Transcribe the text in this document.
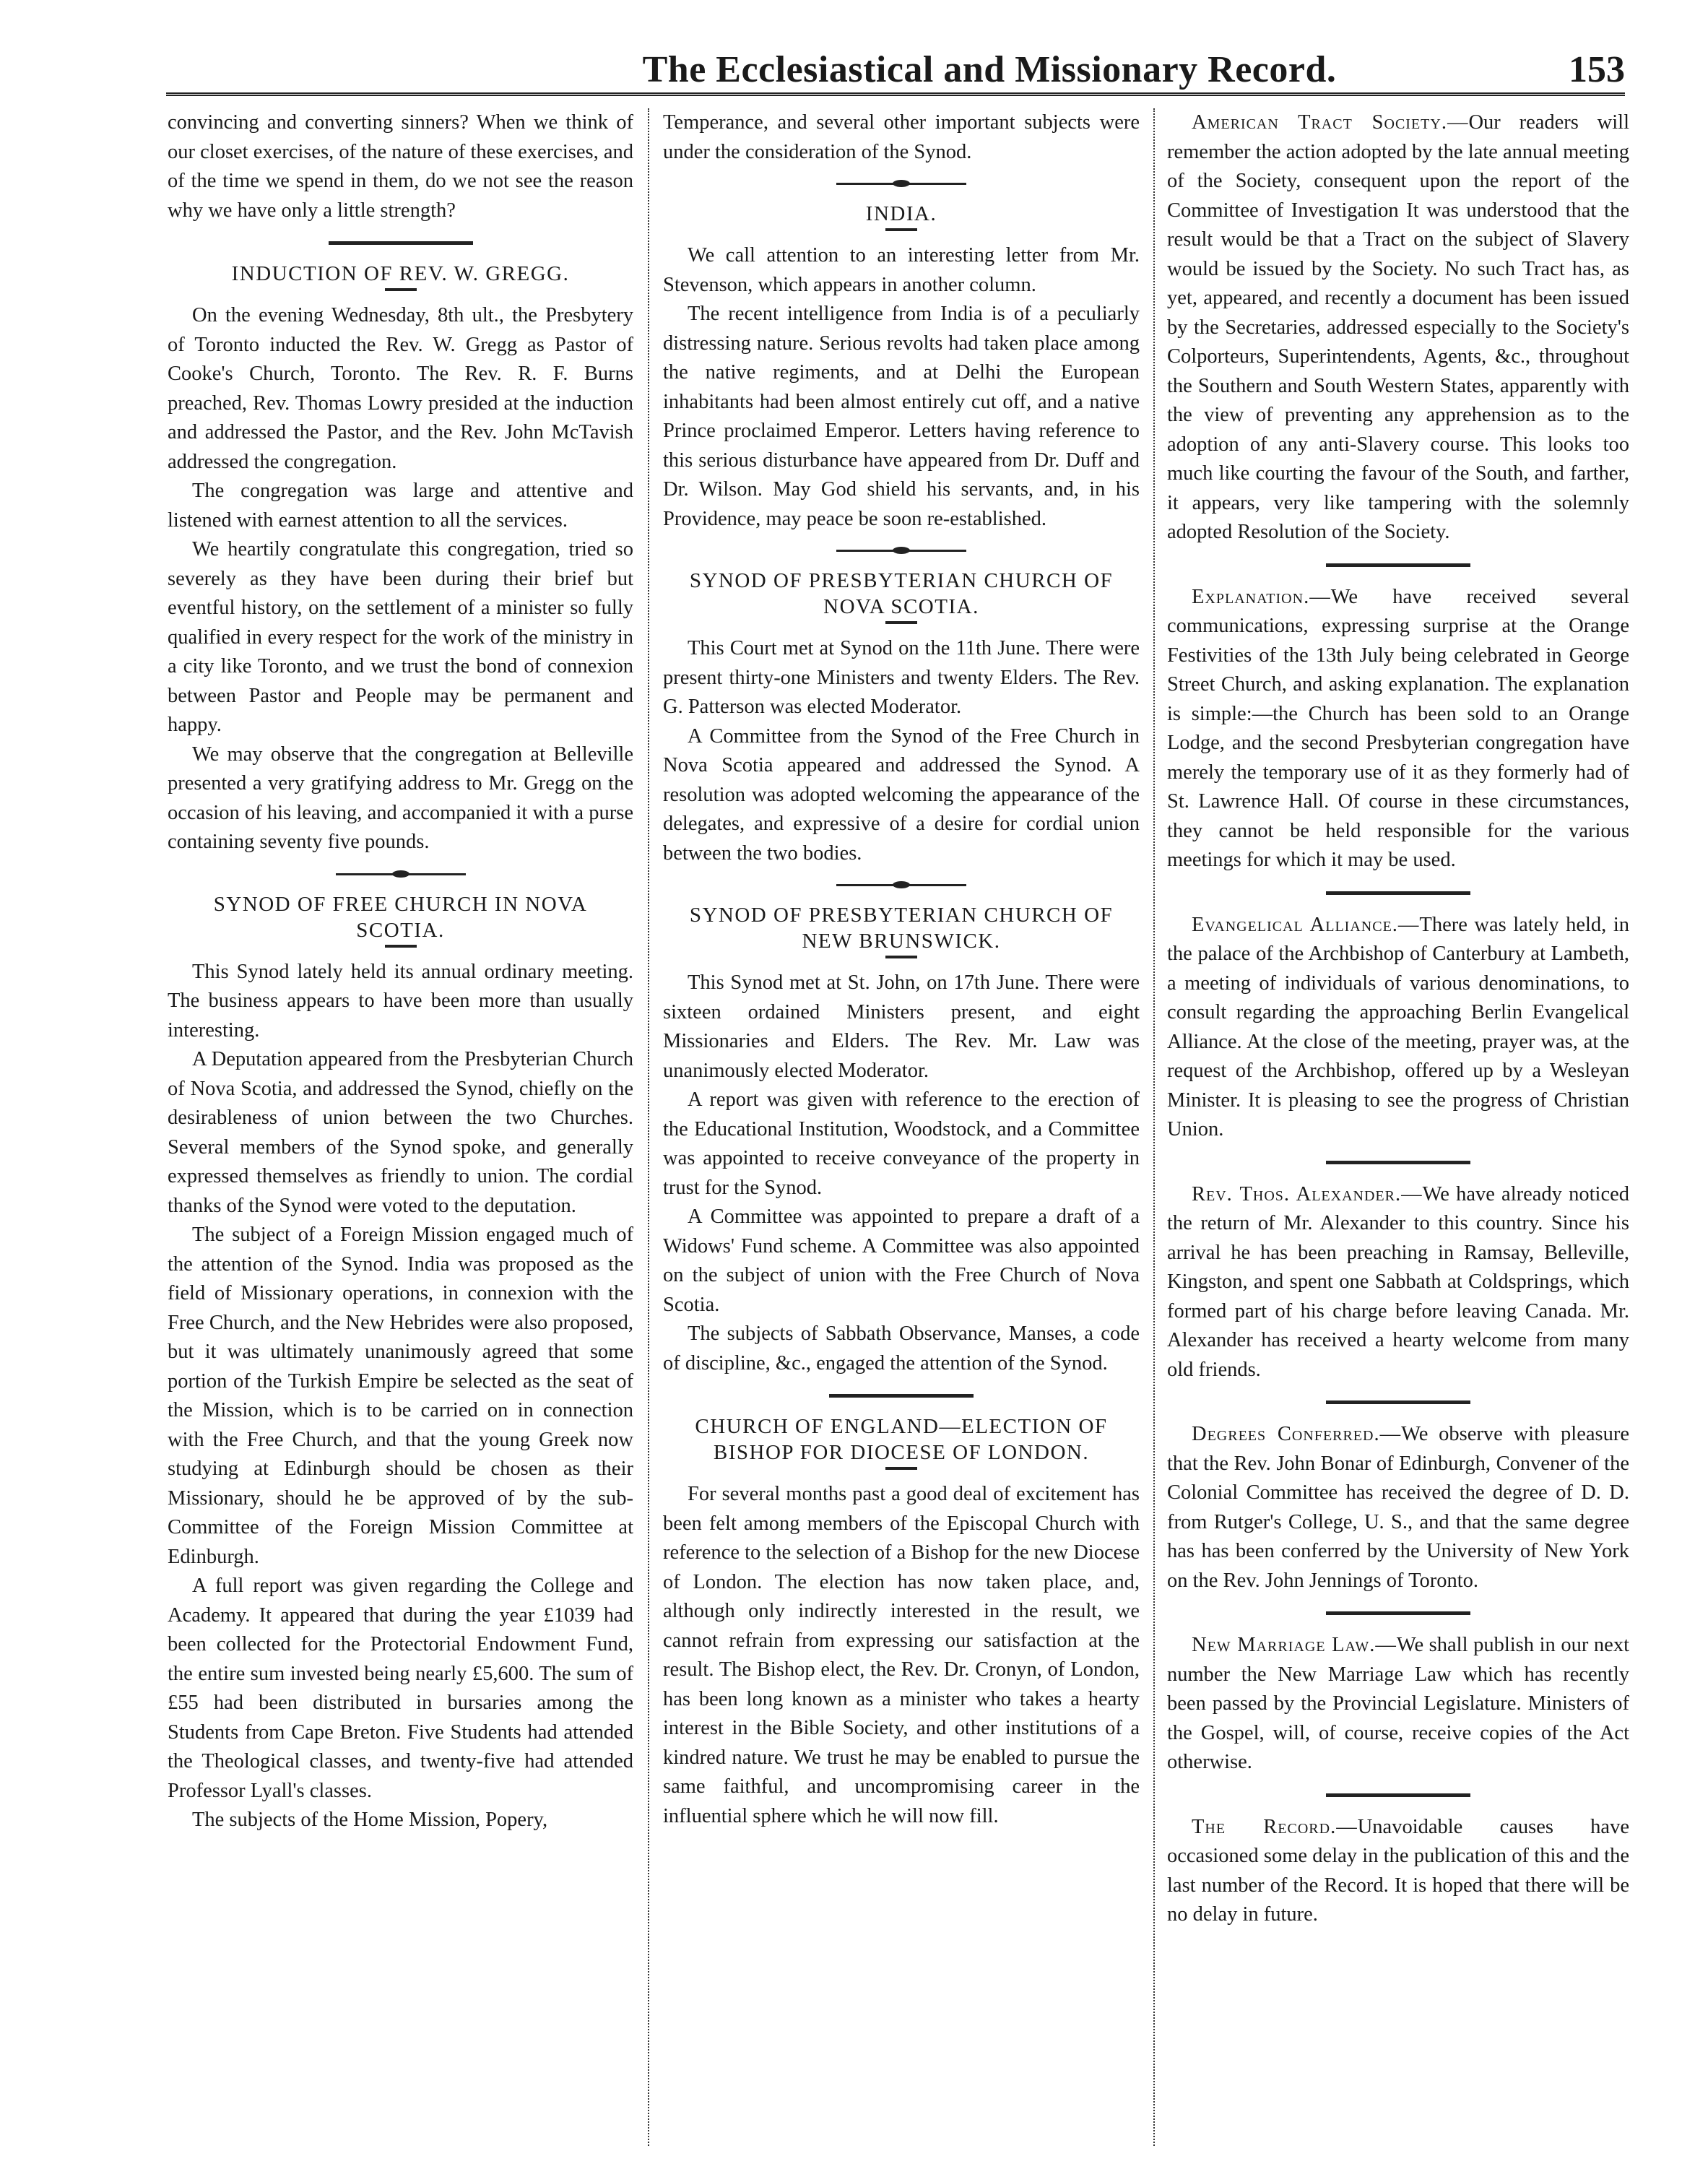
The Ecclesiastical and Missionary Record.	153

convincing and converting sinners? When we think of our closet exercises, of the nature of these exercises, and of the time we spend in them, do we not see the reason why we have only a little strength?

INDUCTION OF REV. W. GREGG.

On the evening Wednesday, 8th ult., the Presbytery of Toronto inducted the Rev. W. Gregg as Pastor of Cooke's Church, Toronto. The Rev. R. F. Burns preached, Rev. Thomas Lowry presided at the induction and addressed the Pastor, and the Rev. John McTavish addressed the congregation.

The congregation was large and attentive and listened with earnest attention to all the services.

We heartily congratulate this congregation, tried so severely as they have been during their brief but eventful history, on the settlement of a minister so fully qualified in every respect for the work of the ministry in a city like Toronto, and we trust the bond of connexion between Pastor and People may be permanent and happy.

We may observe that the congregation at Belleville presented a very gratifying address to Mr. Gregg on the occasion of his leaving, and accompanied it with a purse containing seventy five pounds.

SYNOD OF FREE CHURCH IN NOVA SCOTIA.

This Synod lately held its annual ordinary meeting. The business appears to have been more than usually interesting.

A Deputation appeared from the Presbyterian Church of Nova Scotia, and addressed the Synod, chiefly on the desirableness of union between the two Churches. Several members of the Synod spoke, and generally expressed themselves as friendly to union. The cordial thanks of the Synod were voted to the deputation.

The subject of a Foreign Mission engaged much of the attention of the Synod. India was proposed as the field of Missionary operations, in connexion with the Free Church, and the New Hebrides were also proposed, but it was ultimately unanimously agreed that some portion of the Turkish Empire be selected as the seat of the Mission, which is to be carried on in connection with the Free Church, and that the young Greek now studying at Edinburgh should be chosen as their Missionary, should he be approved of by the sub-Committee of the Foreign Mission Committee at Edinburgh.

A full report was given regarding the College and Academy. It appeared that during the year £1039 had been collected for the Protectorial Endowment Fund, the entire sum invested being nearly £5,600. The sum of £55 had been distributed in bursaries among the Students from Cape Breton. Five Students had attended the Theological classes, and twenty-five had attended Professor Lyall's classes.

The subjects of the Home Mission, Popery,

Temperance, and several other important subjects were under the consideration of the Synod.

INDIA.

We call attention to an interesting letter from Mr. Stevenson, which appears in another column.

The recent intelligence from India is of a peculiarly distressing nature. Serious revolts had taken place among the native regiments, and at Delhi the European inhabitants had been almost entirely cut off, and a native Prince proclaimed Emperor. Letters having reference to this serious disturbance have appeared from Dr. Duff and Dr. Wilson. May God shield his servants, and, in his Providence, may peace be soon re-established.

SYNOD OF PRESBYTERIAN CHURCH OF NOVA SCOTIA.

This Court met at Synod on the 11th June. There were present thirty-one Ministers and twenty Elders. The Rev. G. Patterson was elected Moderator.

A Committee from the Synod of the Free Church in Nova Scotia appeared and addressed the Synod. A resolution was adopted welcoming the appearance of the delegates, and expressive of a desire for cordial union between the two bodies.

SYNOD OF PRESBYTERIAN CHURCH OF NEW BRUNSWICK.

This Synod met at St. John, on 17th June. There were sixteen ordained Ministers present, and eight Missionaries and Elders. The Rev. Mr. Law was unanimously elected Moderator.

A report was given with reference to the erection of the Educational Institution, Woodstock, and a Committee was appointed to receive conveyance of the property in trust for the Synod.

A Committee was appointed to prepare a draft of a Widows' Fund scheme. A Committee was also appointed on the subject of union with the Free Church of Nova Scotia.

The subjects of Sabbath Observance, Manses, a code of discipline, &c., engaged the attention of the Synod.

CHURCH OF ENGLAND—ELECTION OF BISHOP FOR DIOCESE OF LONDON.

For several months past a good deal of excitement has been felt among members of the Episcopal Church with reference to the selection of a Bishop for the new Diocese of London. The election has now taken place, and, although only indirectly interested in the result, we cannot refrain from expressing our satisfaction at the result. The Bishop elect, the Rev. Dr. Cronyn, of London, has been long known as a minister who takes a hearty interest in the Bible Society, and other institutions of a kindred nature. We trust he may be enabled to pursue the same faithful, and uncompromising career in the influential sphere which he will now fill.

American Tract Society.—Our readers will remember the action adopted by the late annual meeting of the Society, consequent upon the report of the Committee of Investigation It was understood that the result would be that a Tract on the subject of Slavery would be issued by the Society. No such Tract has, as yet, appeared, and recently a document has been issued by the Secretaries, addressed especially to the Society's Colporteurs, Superintendents, Agents, &c., throughout the Southern and South Western States, apparently with the view of preventing any apprehension as to the adoption of any anti-Slavery course. This looks too much like courting the favour of the South, and farther, it appears, very like tampering with the solemnly adopted Resolution of the Society.

Explanation.—We have received several communications, expressing surprise at the Orange Festivities of the 13th July being celebrated in George Street Church, and asking explanation. The explanation is simple:—the Church has been sold to an Orange Lodge, and the second Presbyterian congregation have merely the temporary use of it as they formerly had of St. Lawrence Hall. Of course in these circumstances, they cannot be held responsible for the various meetings for which it may be used.

Evangelical Alliance.—There was lately held, in the palace of the Archbishop of Canterbury at Lambeth, a meeting of individuals of various denominations, to consult regarding the approaching Berlin Evangelical Alliance. At the close of the meeting, prayer was, at the request of the Archbishop, offered up by a Wesleyan Minister. It is pleasing to see the progress of Christian Union.

Rev. Thos. Alexander.—We have already noticed the return of Mr. Alexander to this country. Since his arrival he has been preaching in Ramsay, Belleville, Kingston, and spent one Sabbath at Coldsprings, which formed part of his charge before leaving Canada. Mr. Alexander has received a hearty welcome from many old friends.

Degrees Conferred.—We observe with pleasure that the Rev. John Bonar of Edinburgh, Convener of the Colonial Committee has received the degree of D. D. from Rutger's College, U. S., and that the same degree has has been conferred by the University of New York on the Rev. John Jennings of Toronto.

New Marriage Law.—We shall publish in our next number the New Marriage Law which has recently been passed by the Provincial Legislature. Ministers of the Gospel, will, of course, receive copies of the Act otherwise.

The Record.—Unavoidable causes have occasioned some delay in the publication of this and the last number of the Record. It is hoped that there will be no delay in future.
